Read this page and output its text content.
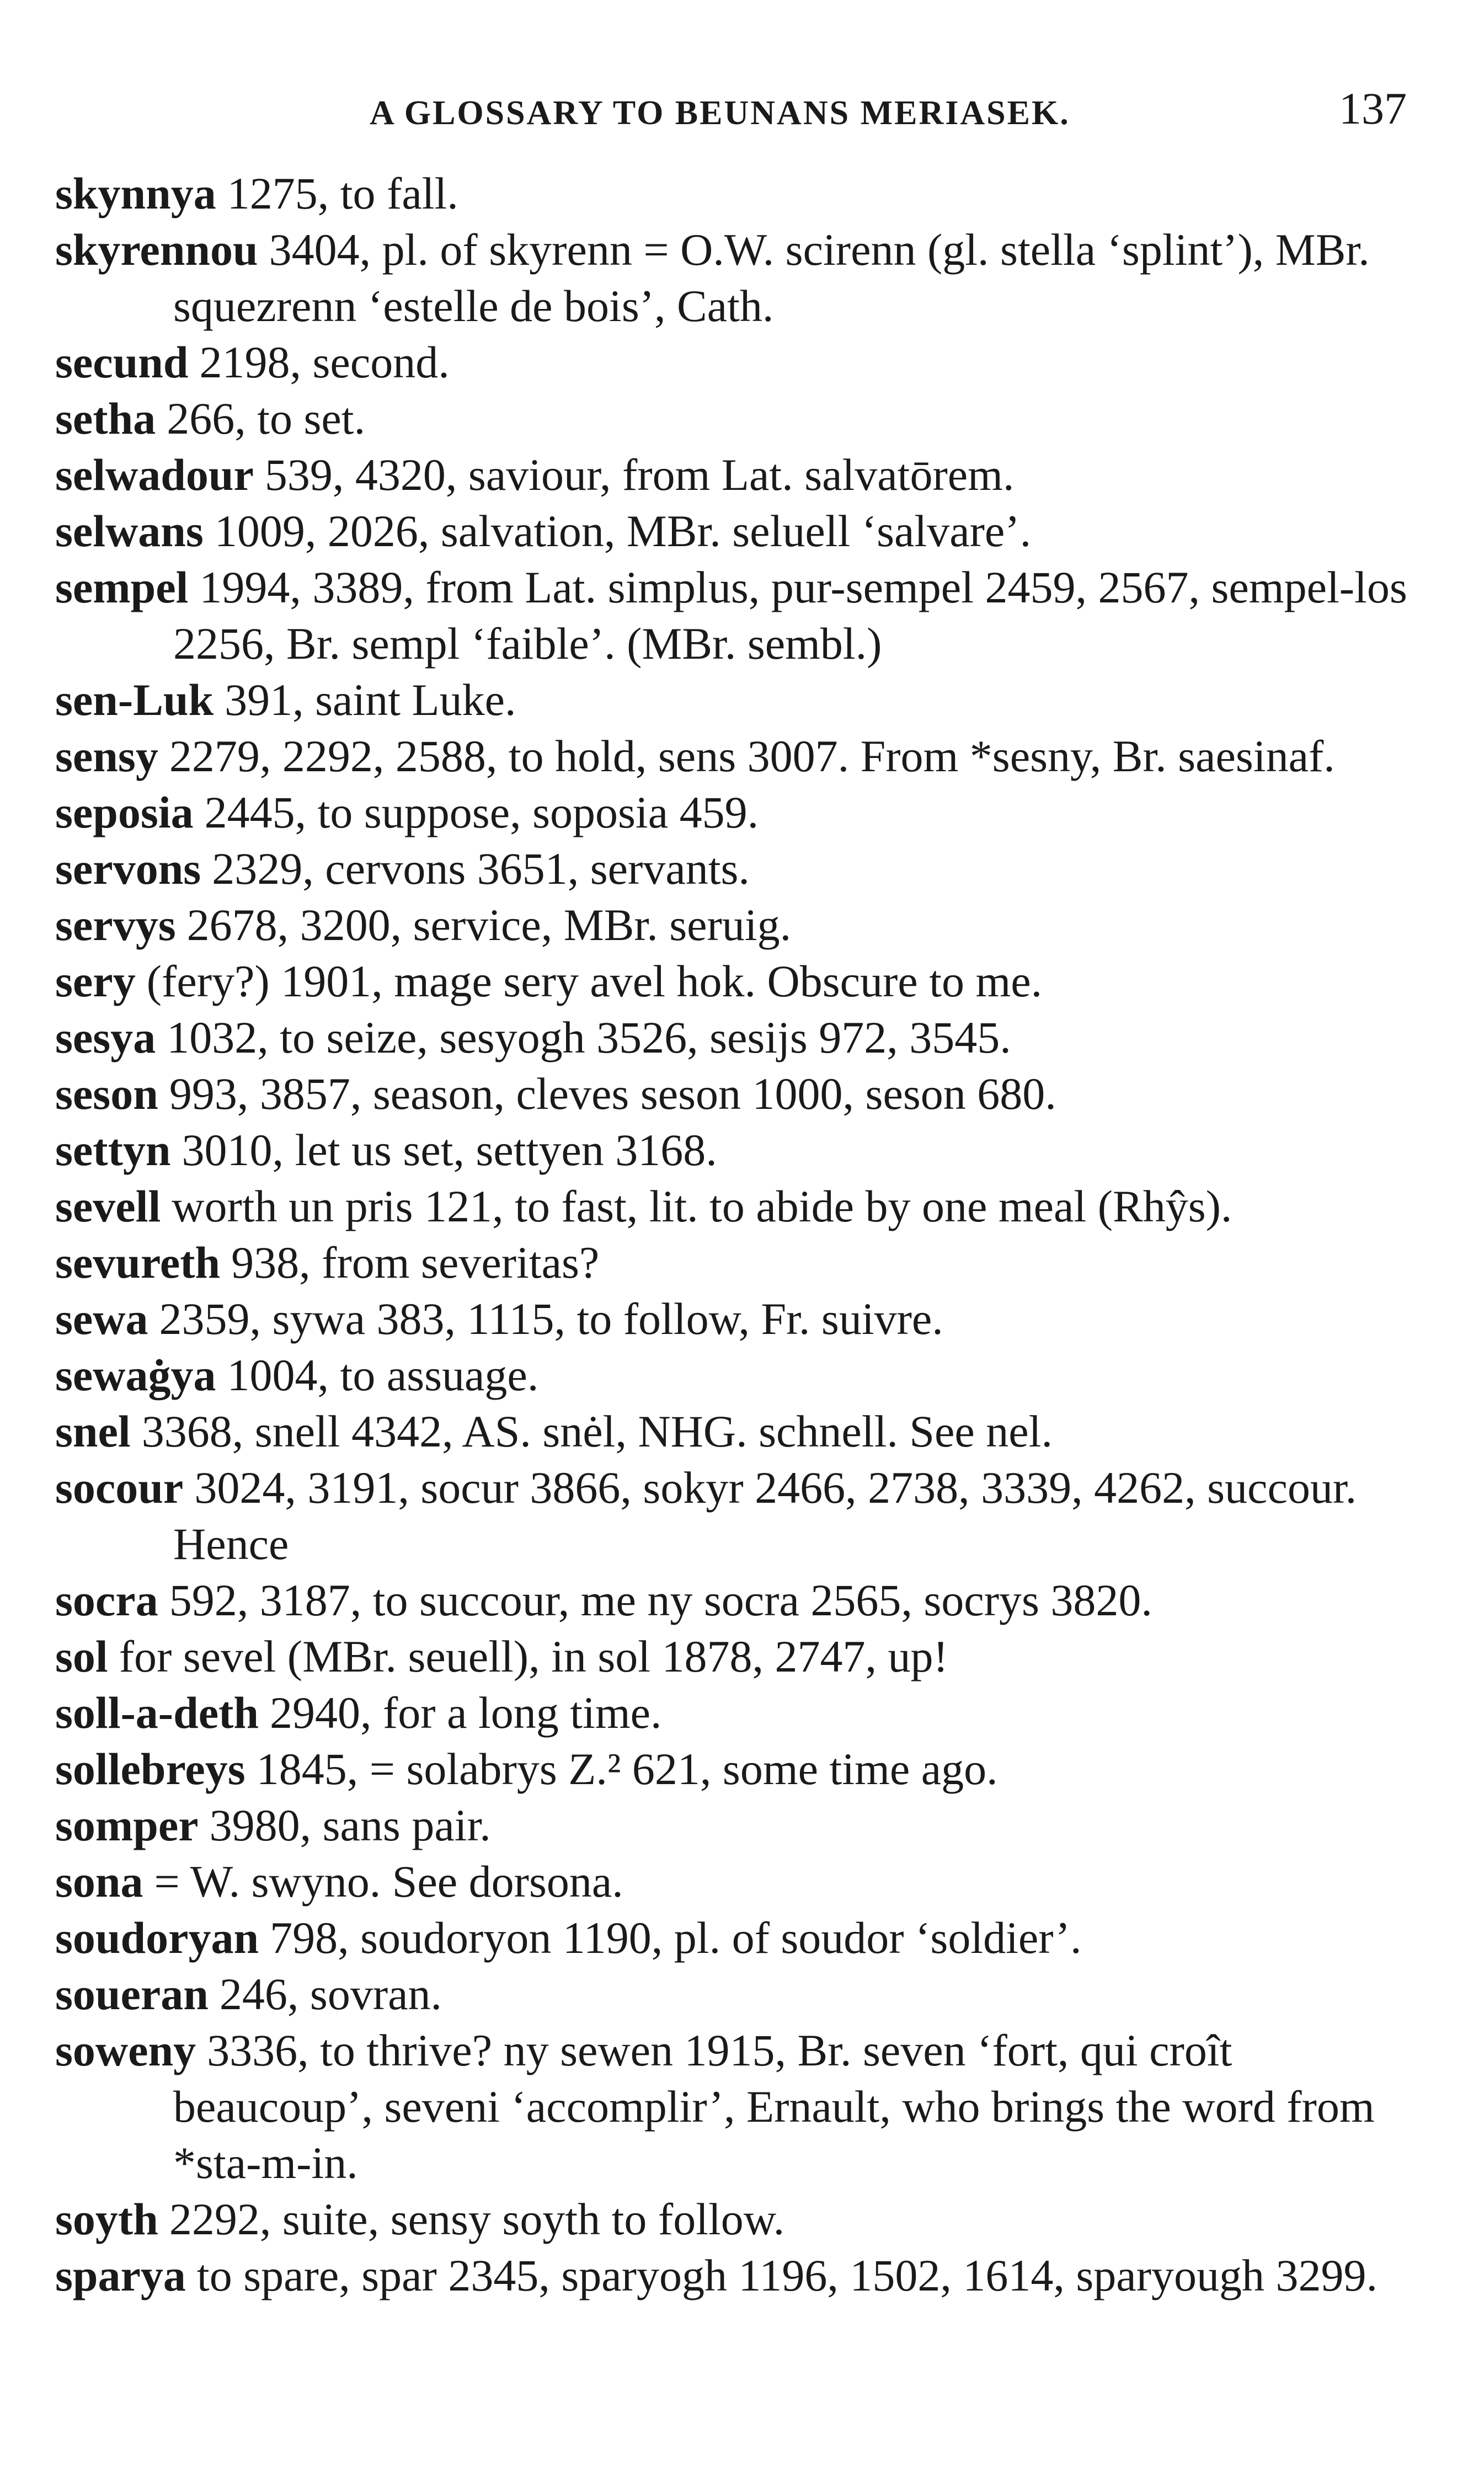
A GLOSSARY TO BEUNANS MERIASEK.	137
skynnya 1275, to fall.
skyrennou 3404, pl. of skyrenn = O.W. scirenn (gl. stella ‘splint’), MBr. squezrenn ‘estelle de bois’, Cath.
secund 2198, second.
setha 266, to set.
selwadour 539, 4320, saviour, from Lat. salvatōrem.
selwans 1009, 2026, salvation, MBr. seluell ‘salvare’.
sempel 1994, 3389, from Lat. simplus, pur-sempel 2459, 2567, sempel-los 2256, Br. sempl ‘faible’. (MBr. sembl.)
sen-Luk 391, saint Luke.
sensy 2279, 2292, 2588, to hold, sens 3007. From *sesny, Br. saesinaf.
seposia 2445, to suppose, soposia 459.
servons 2329, cervons 3651, servants.
servys 2678, 3200, service, MBr. seruig.
sery (fery?) 1901, mage sery avel hok. Obscure to me.
sesya 1032, to seize, sesyogh 3526, sesijs 972, 3545.
seson 993, 3857, season, cleves seson 1000, seson 680.
settyn 3010, let us set, settyen 3168.
sevell worth un pris 121, to fast, lit. to abide by one meal (Rhŷs).
sevureth 938, from severitas?
sewa 2359, sywa 383, 1115, to follow, Fr. suivre.
sewaġya 1004, to assuage.
snel 3368, snell 4342, AS. snėl, NHG. schnell. See nel.
socour 3024, 3191, socur 3866, sokyr 2466, 2738, 3339, 4262, succour. Hence
socra 592, 3187, to succour, me ny socra 2565, socrys 3820.
sol for sevel (MBr. seuell), in sol 1878, 2747, up!
soll-a-deth 2940, for a long time.
sollebreys 1845, = solabrys Z.² 621, some time ago.
somper 3980, sans pair.
sona = W. swyno. See dorsona.
soudoryan 798, soudoryon 1190, pl. of soudor ‘soldier’.
soueran 246, sovran.
soweny 3336, to thrive? ny sewen 1915, Br. seven ‘fort, qui croît beaucoup’, seveni ‘accomplir’, Ernault, who brings the word from *sta-m-in.
soyth 2292, suite, sensy soyth to follow.
sparya to spare, spar 2345, sparyogh 1196, 1502, 1614, sparyough 3299.
